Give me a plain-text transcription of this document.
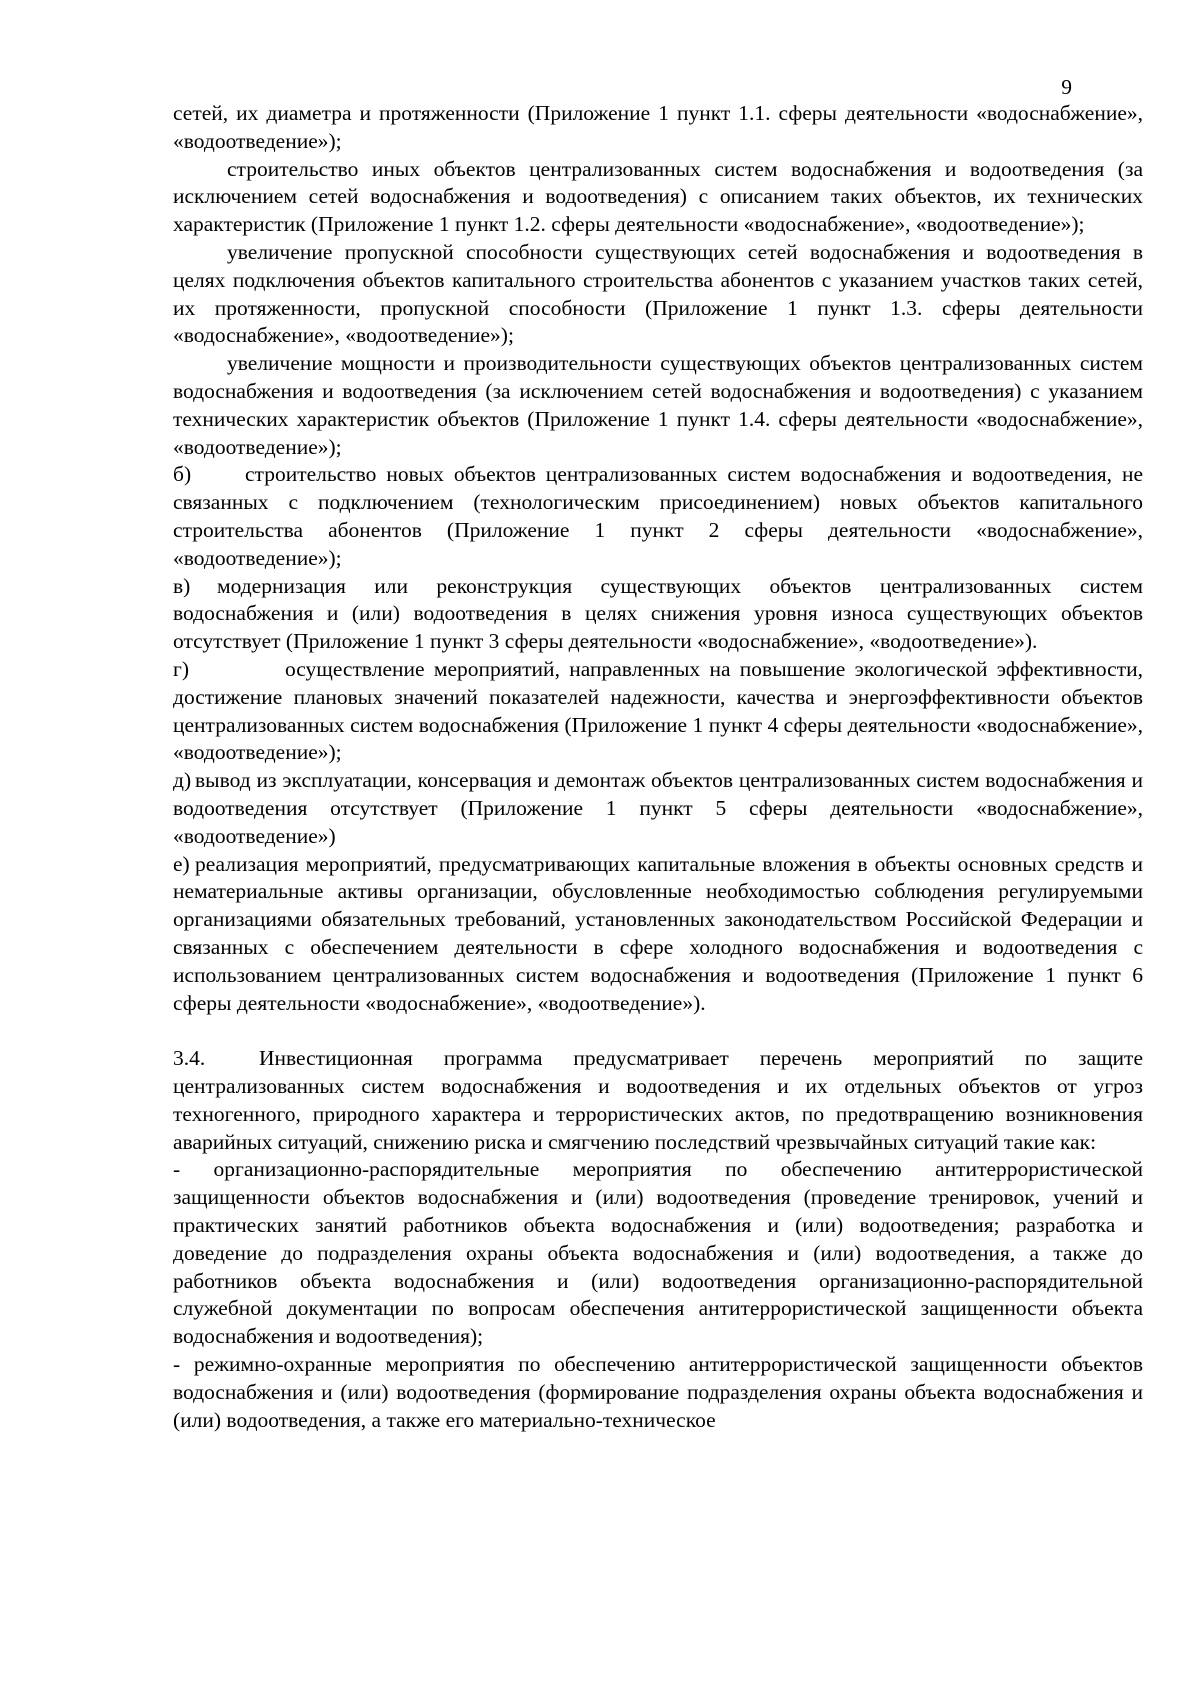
9

сетей, их диаметра и протяженности (Приложение 1 пункт 1.1. сферы деятельности «водоснабжение», «водоотведение»);

строительство иных объектов централизованных систем водоснабжения и водоотведения (за исключением сетей водоснабжения и водоотведения) с описанием таких объектов, их технических характеристик (Приложение 1 пункт 1.2. сферы деятельности «водоснабжение», «водоотведение»);

увеличение пропускной способности существующих сетей водоснабжения и водоотведения в целях подключения объектов капитального строительства абонентов с указанием участков таких сетей, их протяженности, пропускной способности (Приложение 1 пункт 1.3. сферы деятельности «водоснабжение», «водоотведение»);

увеличение мощности и производительности существующих объектов централизованных систем водоснабжения и водоотведения (за исключением сетей водоснабжения и водоотведения) с указанием технических характеристик объектов (Приложение 1 пункт 1.4. сферы деятельности «водоснабжение», «водоотведение»);

б)	строительство новых объектов централизованных систем водоснабжения и водоотведения, не связанных с подключением (технологическим присоединением) новых объектов капитального строительства абонентов (Приложение 1 пункт 2 сферы деятельности «водоснабжение», «водоотведение»);

в) модернизация или реконструкция существующих объектов централизованных систем водоснабжения и (или) водоотведения в целях снижения уровня износа существующих объектов отсутствует (Приложение 1 пункт 3 сферы деятельности «водоснабжение», «водоотведение»).

г)	осуществление мероприятий, направленных на повышение экологической эффективности, достижение плановых значений показателей надежности, качества и энергоэффективности объектов централизованных систем водоснабжения (Приложение 1 пункт 4 сферы деятельности «водоснабжение», «водоотведение»);

д) вывод из эксплуатации, консервация и демонтаж объектов централизованных систем водоснабжения и водоотведения отсутствует (Приложение 1 пункт 5 сферы деятельности «водоснабжение», «водоотведение»)

е) реализация мероприятий, предусматривающих капитальные вложения в объекты основных средств и нематериальные активы организации, обусловленные необходимостью соблюдения регулируемыми организациями обязательных требований, установленных законодательством Российской Федерации и связанных с обеспечением деятельности в сфере холодного водоснабжения и водоотведения с использованием централизованных систем водоснабжения и водоотведения (Приложение 1 пункт 6 сферы деятельности «водоснабжение», «водоотведение»).

3.4.	Инвестиционная программа предусматривает перечень мероприятий по защите централизованных систем водоснабжения и водоотведения и их отдельных объектов от угроз техногенного, природного характера и террористических актов, по предотвращению возникновения аварийных ситуаций, снижению риска и смягчению последствий чрезвычайных ситуаций такие как:

- организационно-распорядительные мероприятия по обеспечению антитеррористической защищенности объектов водоснабжения и (или) водоотведения (проведение тренировок, учений и практических занятий работников объекта водоснабжения и (или) водоотведения; разработка и доведение до подразделения охраны объекта водоснабжения и (или) водоотведения, а также до работников объекта водоснабжения и (или) водоотведения организационно-распорядительной служебной документации по вопросам обеспечения антитеррористической защищенности объекта водоснабжения и водоотведения);

- режимно-охранные мероприятия по обеспечению антитеррористической защищенности объектов водоснабжения и (или) водоотведения (формирование подразделения охраны объекта водоснабжения и (или) водоотведения, а также его материально-техническое
